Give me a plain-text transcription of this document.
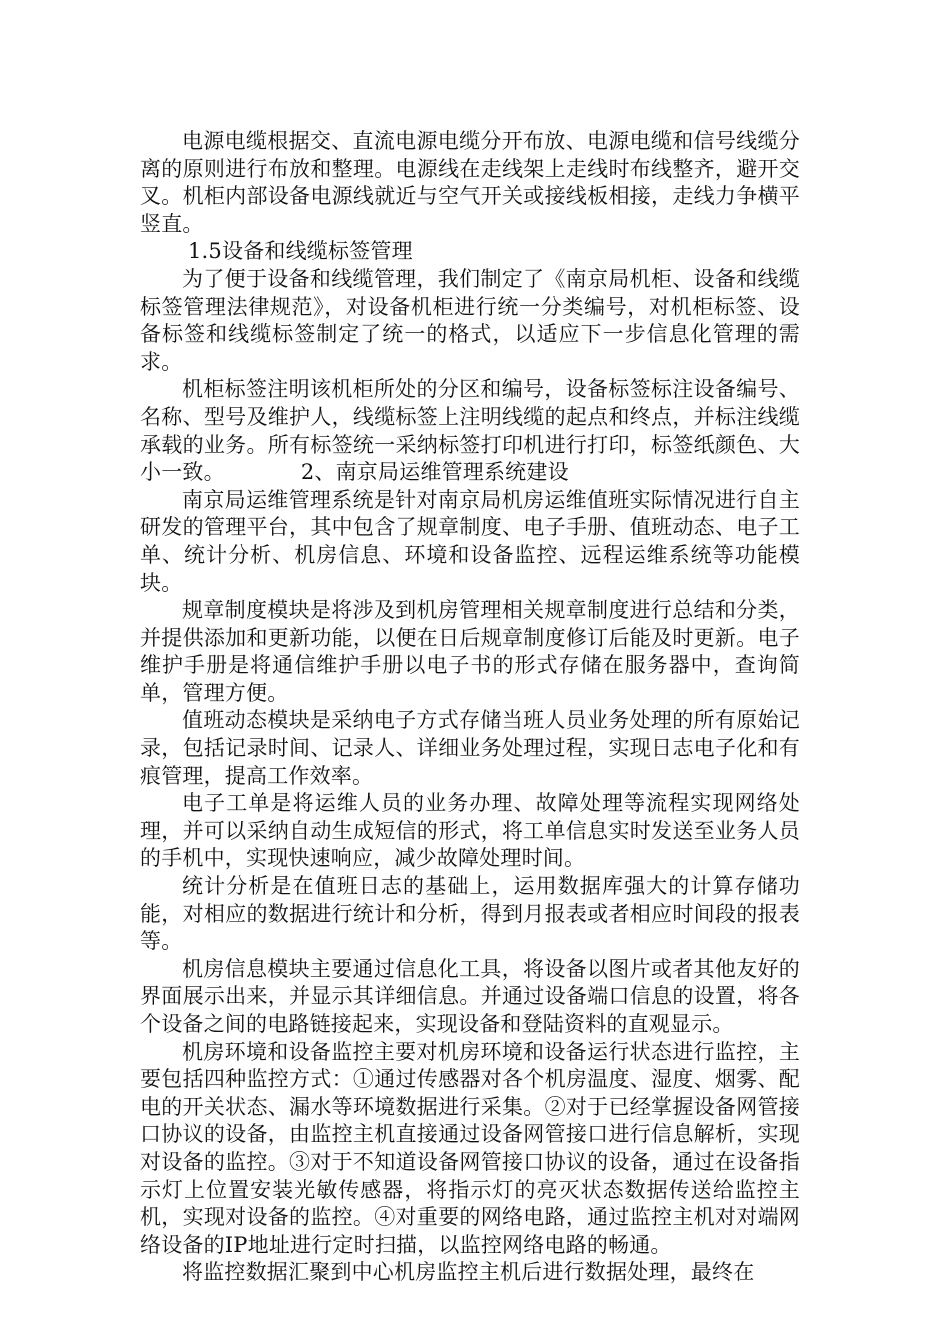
电源电缆根据交、直流电源电缆分开布放、电源电缆和信号线缆分离的原则进行布放和整理。电源线在走线架上走线时布线整齐，避开交叉。机柜内部设备电源线就近与空气开关或接线板相接，走线力争横平竖直。

1.5设备和线缆标签管理

为了便于设备和线缆管理，我们制定了《南京局机柜、设备和线缆标签管理法律规范》，对设备机柜进行统一分类编号，对机柜标签、设备标签和线缆标签制定了统一的格式，以适应下一步信息化管理的需求。

机柜标签注明该机柜所处的分区和编号，设备标签标注设备编号、名称、型号及维护人，线缆标签上注明线缆的起点和终点，并标注线缆承载的业务。所有标签统一采纳标签打印机进行打印，标签纸颜色、大小一致。	2、南京局运维管理系统建设

南京局运维管理系统是针对南京局机房运维值班实际情况进行自主研发的管理平台，其中包含了规章制度、电子手册、值班动态、电子工单、统计分析、机房信息、环境和设备监控、远程运维系统等功能模块。

规章制度模块是将涉及到机房管理相关规章制度进行总结和分类，并提供添加和更新功能，以便在日后规章制度修订后能及时更新。电子维护手册是将通信维护手册以电子书的形式存储在服务器中，查询简单，管理方便。

值班动态模块是采纳电子方式存储当班人员业务处理的所有原始记录，包括记录时间、记录人、详细业务处理过程，实现日志电子化和有痕管理，提高工作效率。

电子工单是将运维人员的业务办理、故障处理等流程实现网络处理，并可以采纳自动生成短信的形式，将工单信息实时发送至业务人员的手机中，实现快速响应，减少故障处理时间。

统计分析是在值班日志的基础上，运用数据库强大的计算存储功能，对相应的数据进行统计和分析，得到月报表或者相应时间段的报表等。

机房信息模块主要通过信息化工具，将设备以图片或者其他友好的界面展示出来，并显示其详细信息。并通过设备端口信息的设置，将各个设备之间的电路链接起来，实现设备和登陆资料的直观显示。

机房环境和设备监控主要对机房环境和设备运行状态进行监控，主要包括四种监控方式：①通过传感器对各个机房温度、湿度、烟雾、配电的开关状态、漏水等环境数据进行采集。②对于已经掌握设备网管接口协议的设备，由监控主机直接通过设备网管接口进行信息解析，实现对设备的监控。③对于不知道设备网管接口协议的设备，通过在设备指示灯上位置安装光敏传感器，将指示灯的亮灭状态数据传送给监控主机，实现对设备的监控。④对重要的网络电路，通过监控主机对对端网络设备的IP地址进行定时扫描，以监控网络电路的畅通。

将监控数据汇聚到中心机房监控主机后进行数据处理，最终在
